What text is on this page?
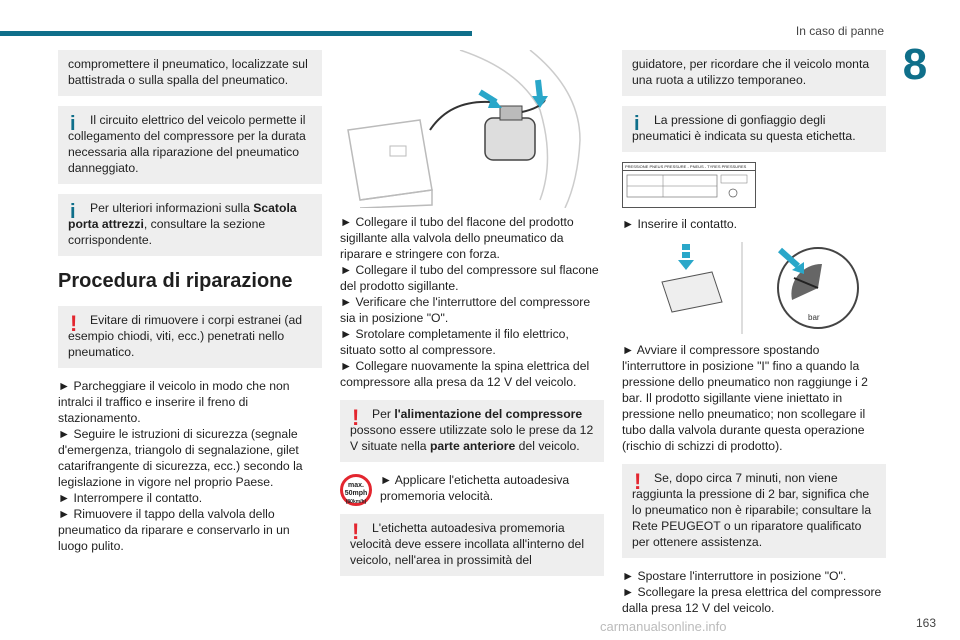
In caso di panne
8
compromettere il pneumatico, localizzate sul battistrada o sulla spalla del pneumatico.
i	Il circuito elettrico del veicolo permette il collegamento del compressore per la durata necessaria alla riparazione del pneumatico danneggiato.
i	Per ulteriori informazioni sulla Scatola porta attrezzi, consultare la sezione corrispondente.
Procedura di riparazione
!	Evitare di rimuovere i corpi estranei (ad esempio chiodi, viti, ecc.) penetrati nello pneumatico.
► Parcheggiare il veicolo in modo che non intralci il traffico e inserire il freno di stazionamento.
► Seguire le istruzioni di sicurezza (segnale d'emergenza, triangolo di segnalazione, gilet catarifrangente di sicurezza, ecc.) secondo la legislazione in vigore nel proprio Paese.
► Interrompere il contatto.
► Rimuovere il tappo della valvola dello pneumatico da riparare e conservarlo in un luogo pulito.
► Collegare il tubo del flacone del prodotto sigillante alla valvola dello pneumatico da riparare e stringere con forza.
► Collegare il tubo del compressore sul flacone del prodotto sigillante.
► Verificare che l'interruttore del compressore sia in posizione "O".
► Srotolare completamente il filo elettrico, situato sotto al compressore.
► Collegare nuovamente la spina elettrica del compressore alla presa da 12 V del veicolo.
!	Per l'alimentazione del compressore possono essere utilizzate solo le prese da 12 V situate nella parte anteriore del veicolo.
max.
50mph
(80km/h)
► Applicare l'etichetta autoadesiva promemoria velocità.
!	L'etichetta autoadesiva promemoria velocità deve essere incollata all'interno del veicolo, nell'area in prossimità del
guidatore, per ricordare che il veicolo monta una ruota a utilizzo temporaneo.
i	La pressione di gonfiaggio degli pneumatici è indicata su questa etichetta.
PRESSIONE PNEUS PRESSURE - PNEUS - TYRES PRESSURES
► Inserire il contatto.
bar
► Avviare il compressore spostando l'interruttore in posizione "I" fino a quando la pressione dello pneumatico non raggiunge i 2 bar. Il prodotto sigillante viene iniettato in pressione nello pneumatico; non scollegare il tubo dalla valvola durante questa operazione (rischio di schizzi di prodotto).
!	Se, dopo circa 7 minuti, non viene raggiunta la pressione di 2 bar, significa che lo pneumatico non è riparabile; consultare la Rete PEUGEOT o un riparatore qualificato per ottenere assistenza.
► Spostare l'interruttore in posizione "O".
► Scollegare la presa elettrica del compressore dalla presa 12 V del veicolo.
carmanualsonline.info	163
